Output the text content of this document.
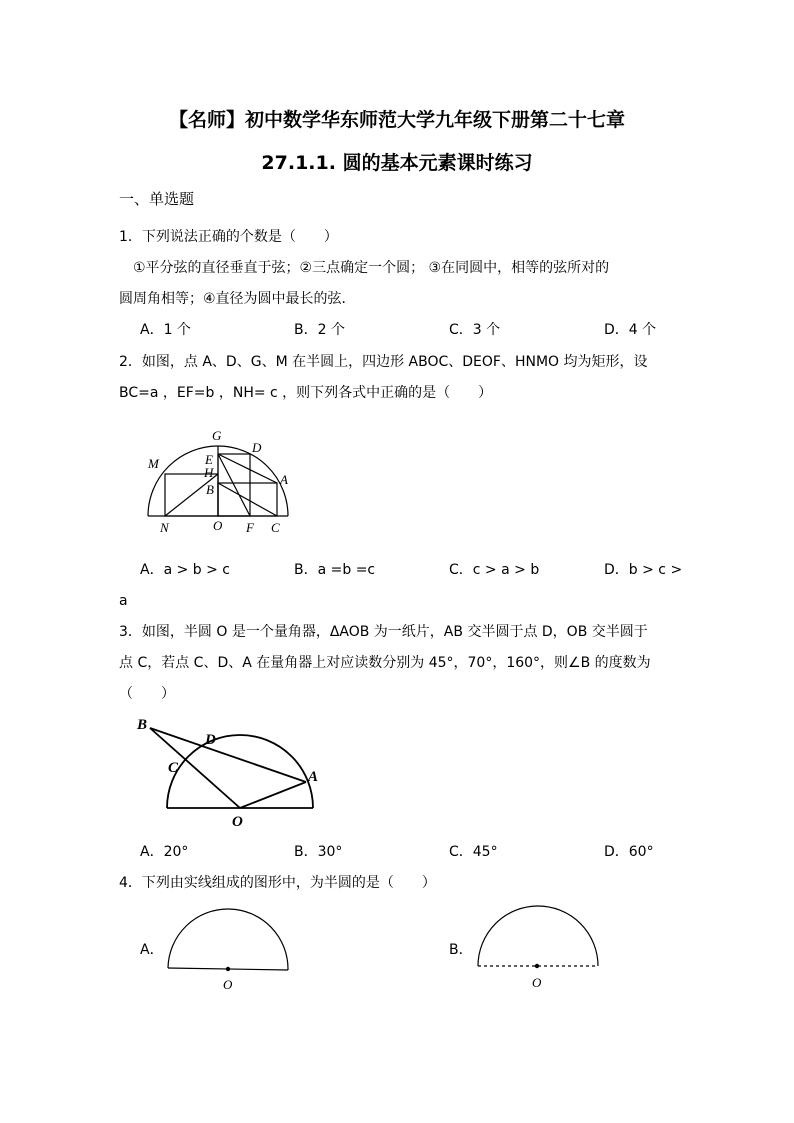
【名师】初中数学华东师范大学九年级下册第二十七章
27.1.1. 圆的基本元素课时练习
一、单选题
1．下列说法正确的个数是（　　）
①平分弦的直径垂直于弦；②三点确定一个圆； ③在同圆中，相等的弦所对的
圆周角相等；④直径为圆中最长的弦．
A．1 个	B．2 个	C．3 个	D．4 个
2．如图，点 A、D、G、M 在半圆上，四边形 ABOC、DEOF、HNMO 均为矩形，设
BC=a ，EF=b ，NH= c ，则下列各式中正确的是（　　）
G
D
M	E
H
B
A
N	O F C
A．a > b > c	B．a =b =c	C．c > a > b	D．b > c >
a
3．如图，半圆 O 是一个量角器，ΔAOB 为一纸片，AB 交半圆于点 D，OB 交半圆于
点 C，若点 C、D、A 在量角器上对应读数分别为 45°，70°，160°，则∠B 的度数为
（　　）
B
D
C
A
O
A．20°	B．30°	C．45°	D．60°
4．下列由实线组成的图形中，为半圆的是（　　）
A．	B．
O	O
